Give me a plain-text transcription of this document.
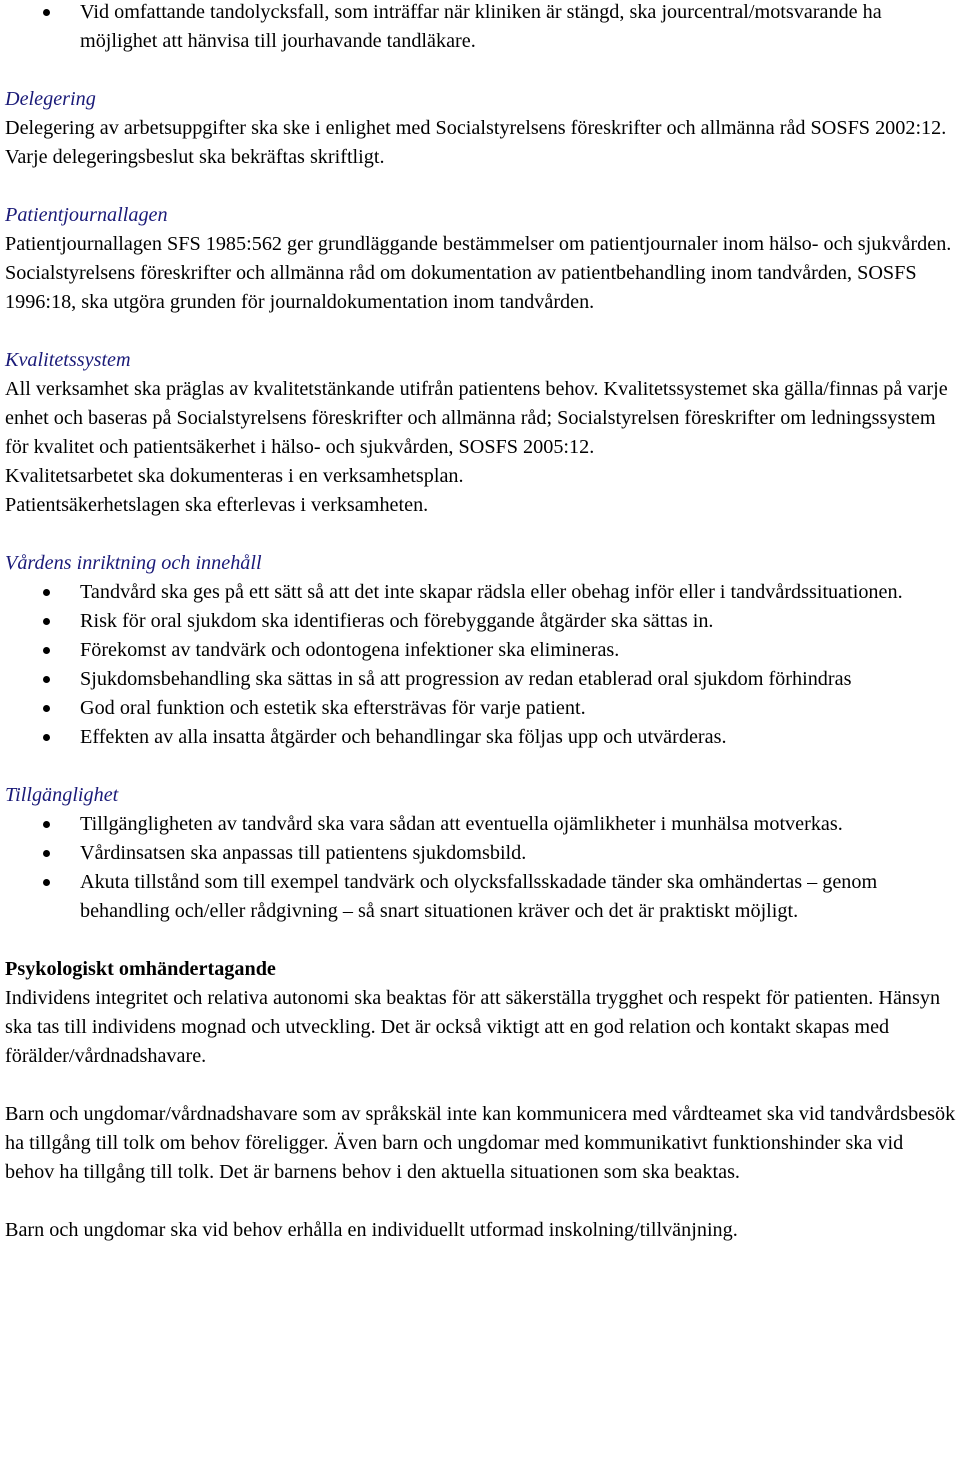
Vid omfattande tandolycksfall, som inträffar när kliniken är stängd, ska jourcentral/motsvarande ha möjlighet att hänvisa till jourhavande tandläkare.

Delegering

Delegering av arbetsuppgifter ska ske i enlighet med Socialstyrelsens föreskrifter och allmänna råd SOSFS 2002:12. Varje delegeringsbeslut ska bekräftas skriftligt.

Patientjournallagen

Patientjournallagen SFS 1985:562 ger grundläggande bestämmelser om patientjournaler inom hälso- och sjukvården. Socialstyrelsens föreskrifter och allmänna råd om dokumentation av patientbehandling inom tandvården, SOSFS 1996:18, ska utgöra grunden för journaldokumentation inom tandvården.

Kvalitetssystem

All verksamhet ska präglas av kvalitetstänkande utifrån patientens behov. Kvalitetssystemet ska gälla/finnas på varje enhet och baseras på Socialstyrelsens föreskrifter och allmänna råd; Socialstyrelsen föreskrifter om ledningssystem för kvalitet och patientsäkerhet i hälso- och sjukvården, SOSFS 2005:12.

Kvalitetsarbetet ska dokumenteras i en verksamhetsplan.

Patientsäkerhetslagen ska efterlevas i verksamheten.

Vårdens inriktning och innehåll

Tandvård ska ges på ett sätt så att det inte skapar rädsla eller obehag inför eller i tandvårdssituationen.
Risk för oral sjukdom ska identifieras och förebyggande åtgärder ska sättas in.
Förekomst av tandvärk och odontogena infektioner ska elimineras.
Sjukdomsbehandling ska sättas in så att progression av redan etablerad oral sjukdom förhindras
God oral funktion och estetik ska eftersträvas för varje patient.
Effekten av alla insatta åtgärder och behandlingar ska följas upp och utvärderas.

Tillgänglighet

Tillgängligheten av tandvård ska vara sådan att eventuella ojämlikheter i munhälsa motverkas.
Vårdinsatsen ska anpassas till patientens sjukdomsbild.
Akuta tillstånd som till exempel tandvärk och olycksfallsskadade tänder ska omhändertas – genom behandling och/eller rådgivning – så snart situationen kräver och det är praktiskt möjligt.

Psykologiskt omhändertagande

Individens integritet och relativa autonomi ska beaktas för att säkerställa trygghet och respekt för patienten. Hänsyn ska tas till individens mognad och utveckling. Det är också viktigt att en god relation och kontakt skapas med förälder/vårdnadshavare.

Barn och ungdomar/vårdnadshavare som av språkskäl inte kan kommunicera med vårdteamet ska vid tandvårdsbesök ha tillgång till tolk om behov föreligger. Även barn och ungdomar med kommunikativt funktionshinder ska vid behov ha tillgång till tolk. Det är barnens behov i den aktuella situationen som ska beaktas.

Barn och ungdomar ska vid behov erhålla en individuellt utformad inskolning/tillvänjning.
